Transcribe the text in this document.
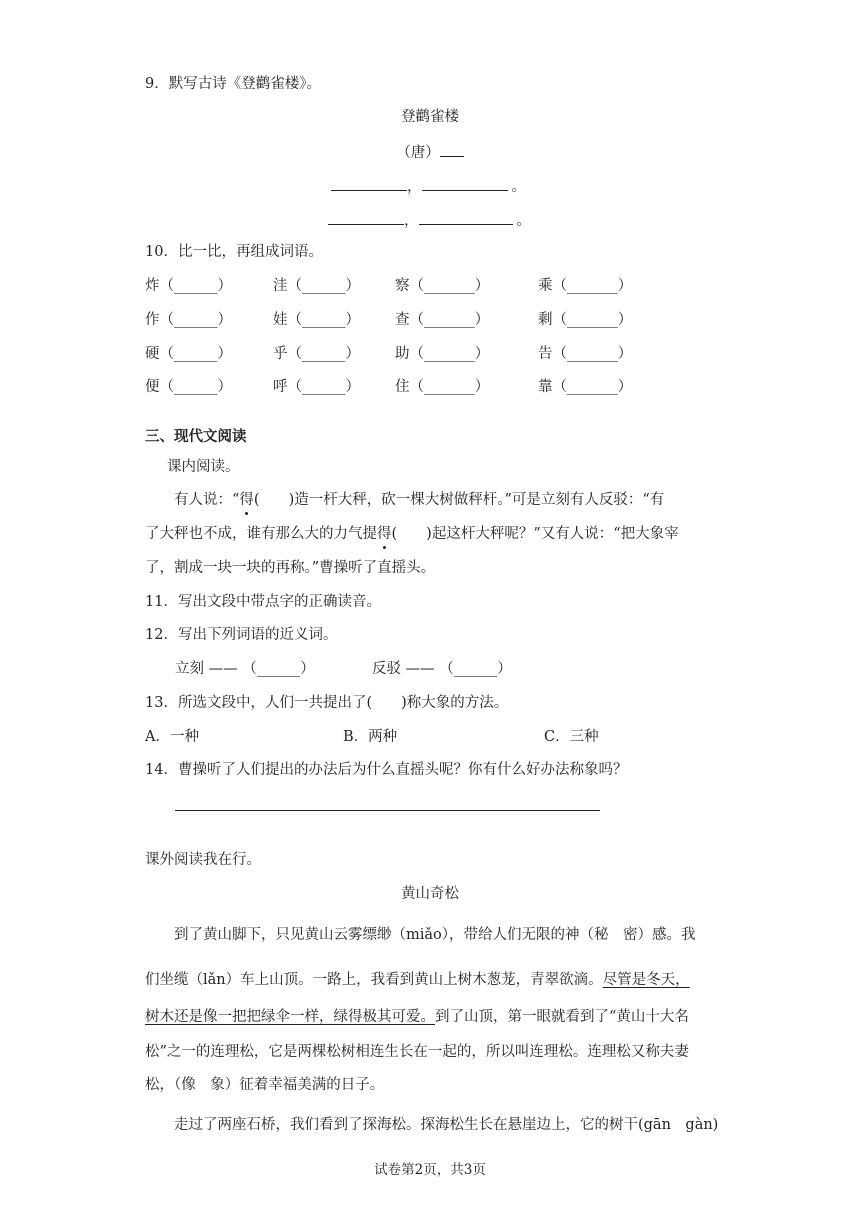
9．默写古诗《登鹳雀楼》。
登鹳雀楼
（唐）
，	。
，	。
10．比一比，再组成词语。
炸（______）	洼（______） 察（_______）	乘（_______）
作（______）	娃（______） 查（_______）	剩（_______）
硬（______）	乎（______） 助（_______）	告（_______）
便（______）	呼（______） 住（_______）	靠（_______）
三、现代文阅读
课内阅读。
有人说：“得(　　)造一杆大秤，砍一棵大树做秤杆。”可是立刻有人反驳：“有
了大秤也不成，谁有那么大的力气提得(　　)起这杆大秤呢？”又有人说：“把大象宰
了，割成一块一块的再称。”曹操听了直摇头。
11．写出文段中带点字的正确读音。
12．写出下列词语的近义词。
立刻 —— （______）	反驳 —— （______）
13．所选文段中，人们一共提出了(　　)称大象的方法。
A．一种	B．两种	C．三种
14．曹操听了人们提出的办法后为什么直摇头呢？你有什么好办法称象吗？
课外阅读我在行。
黄山奇松
到了黄山脚下，只见黄山云雾缥缈（miǎo），带给人们无限的神（秘　密）感。我
们坐缆（lǎn）车上山顶。一路上，我看到黄山上树木葱茏，青翠欲滴。尽管是冬天，
树木还是像一把把绿伞一样，绿得极其可爱。到了山顶，第一眼就看到了“黄山十大名
松”之一的连理松，它是两棵松树相连生长在一起的，所以叫连理松。连理松又称夫妻
松，（像　象）征着幸福美满的日子。
走过了两座石桥，我们看到了探海松。探海松生长在悬崖边上，它的树干(gān　gàn)
试卷第2页，共3页
